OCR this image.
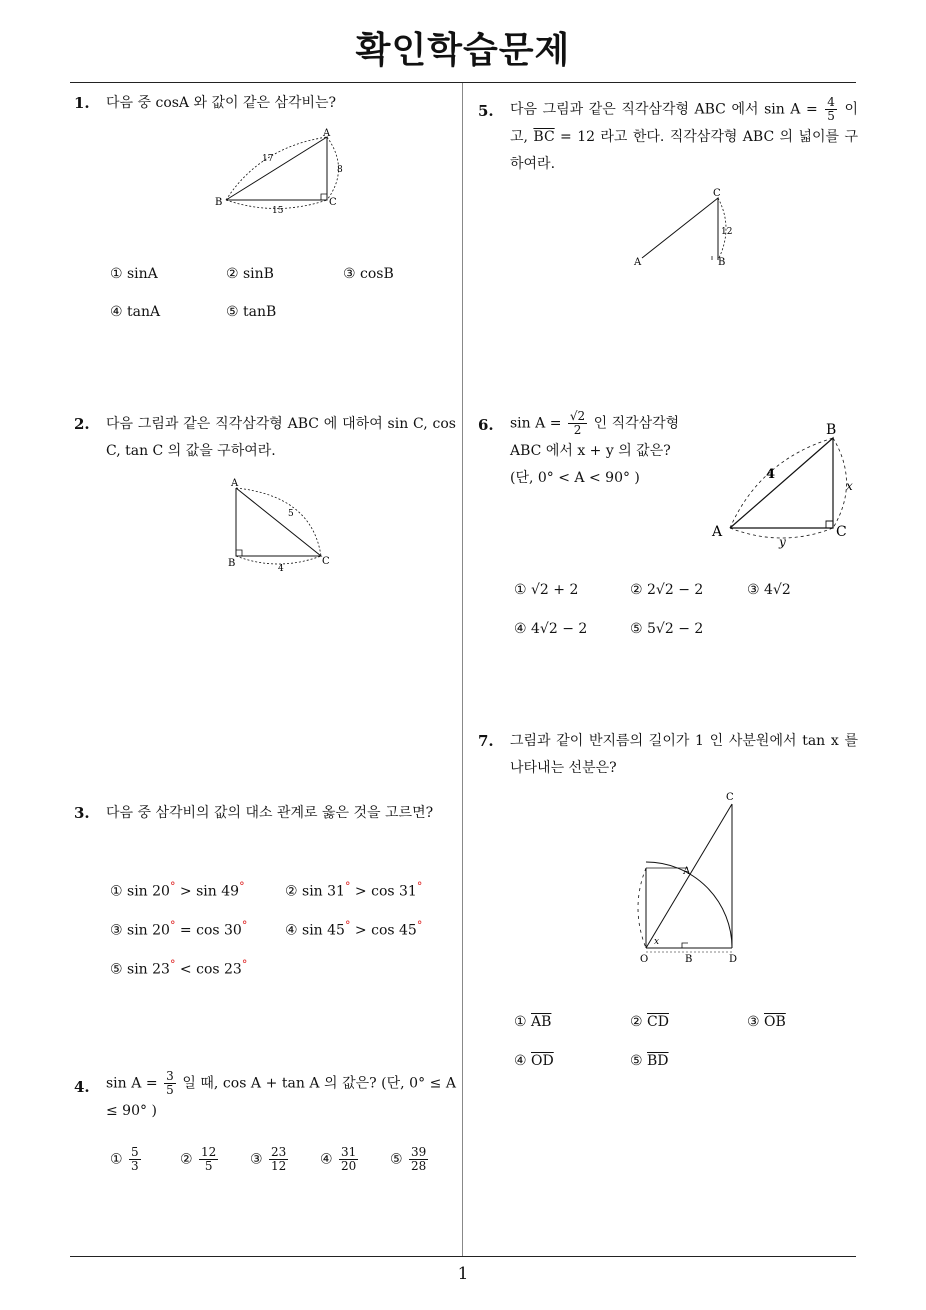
확인학습문제
1
1. 다음 중 cosA 와 값이 같은 삼각비는?
A
B	C
17
8
15
① sinA	② sinB	③ cosB
④ tanA	⑤ tanB
2. 다음 그림과 같은 직각삼각형 ABC 에 대하여 sin C, cos C, tan C 의 값을 구하여라.
A
B	C
5
4
3. 다음 중 삼각비의 값의 대소 관계로 옳은 것을 고르면?
① sin 20° > sin 49°	② sin 31° > cos 31°
③ sin 20° = cos 30°	④ sin 45° > cos 45°
⑤ sin 23° < cos 23°
4. $\sin A = \frac{3}{5}$ 일 때, cos A + tan A 의 값은? (단, 0° ≤ A ≤ 90° )
① $\frac{5}{3}$	② $\frac{12}{5}$ ③ $\frac{23}{12}$ ④ $\frac{31}{20}$ ⑤ $\frac{39}{28}$
5. 다음 그림과 같은 직각삼각형 ABC 에서 $\sin A = \frac{4}{5}$ 이고, $\overline{BC} = 12$ 라고 한다. 직각삼각형 ABC 의 넓이를 구하여라.
A	B
C
12
6. $\sin A = \frac{√2}{2}$ 인 직각삼각형
ABC 에서 x + y 의 값은?
(단, 0° < A < 90° )
A
B
C
4
x
y
① √2 + 2	② 2√2 − 2	③ 4√2
④ 4√2 − 2	⑤ 5√2 − 2
7. 그림과 같이 반지름의 길이가 1 인 사분원에서 tan x 를 나타내는 선분은?
C
A
x
O	B	D
① $\overline{AB}$	② $\overline{CD}$	③ $\overline{OB}$
④ $\overline{OD}$	⑤ $\overline{BD}$
